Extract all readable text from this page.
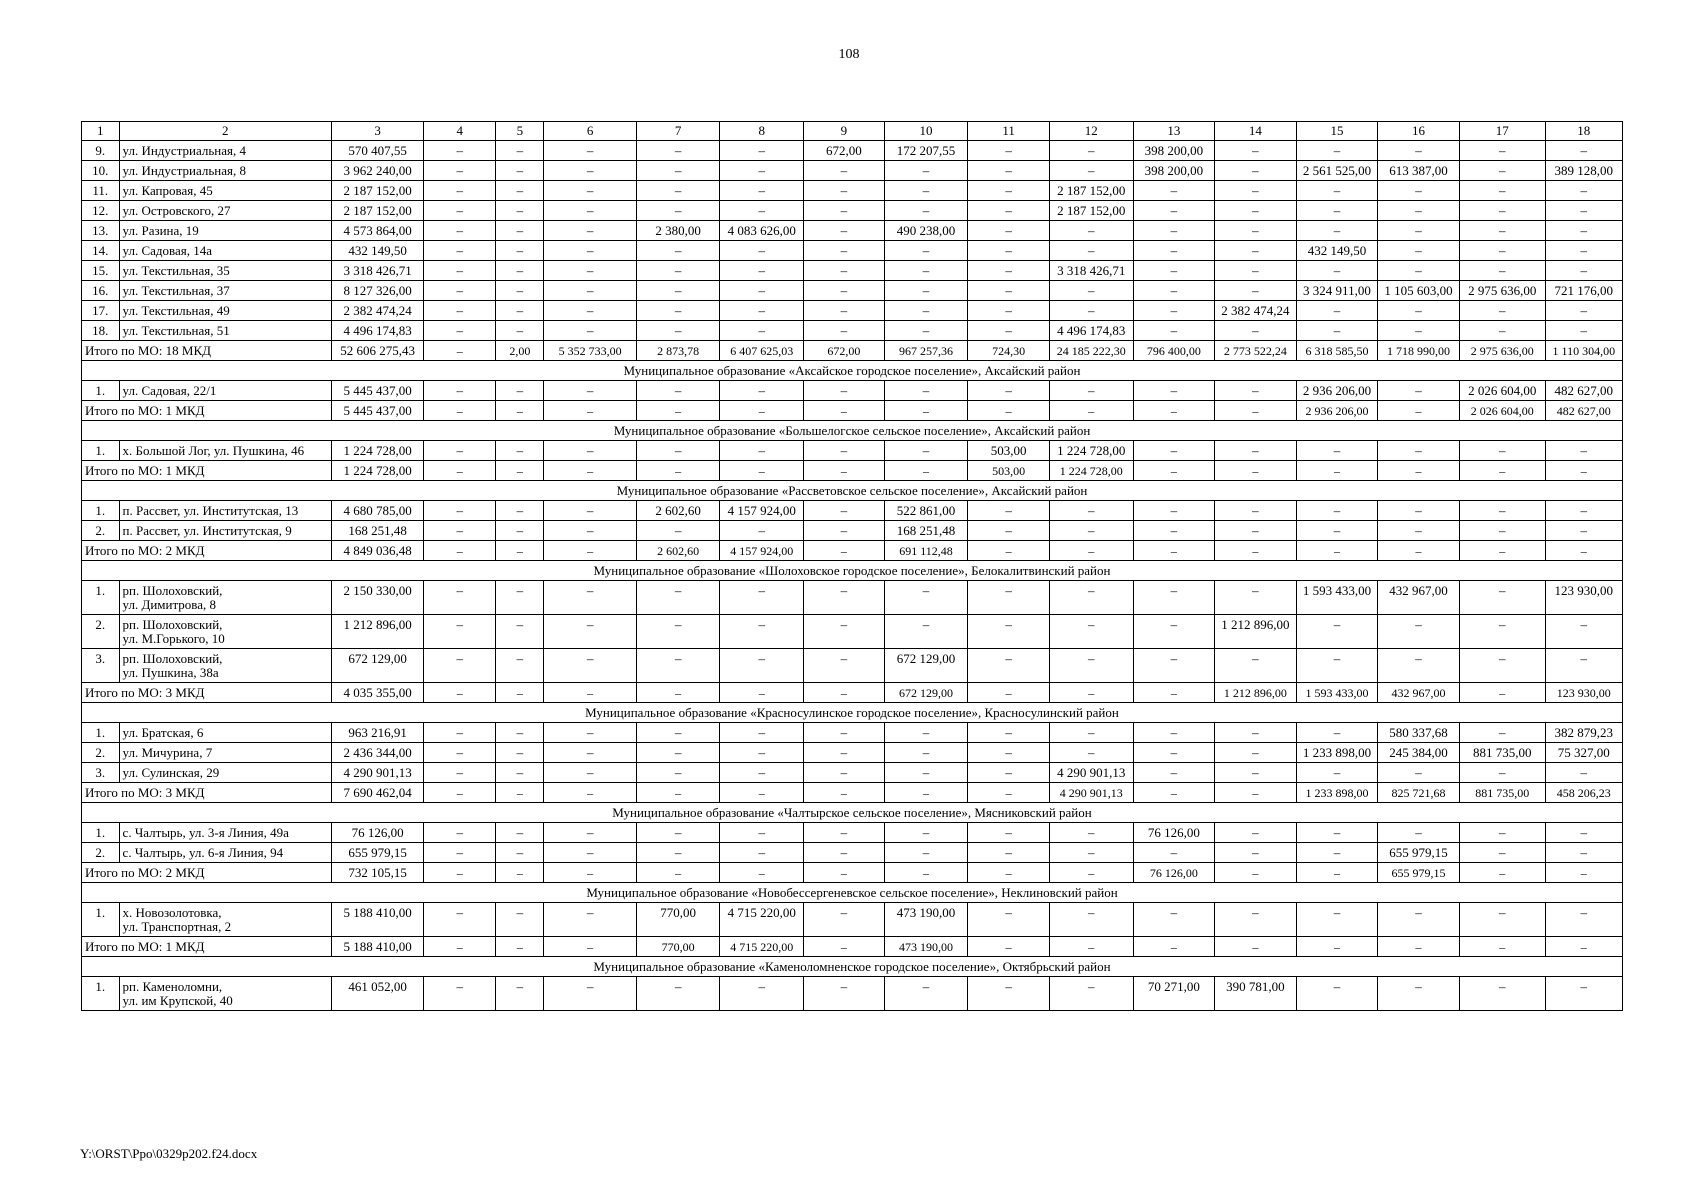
108
1	2	3	4	5	6	7	8	9	10	11	12	13	14	15	16	17	18
9.	ул. Индустриальная, 4	570 407,55	–	–	–	–	–	672,00	172 207,55	–	–	398 200,00	–	–	–	–	–
10.	ул. Индустриальная, 8	3 962 240,00	–	–	–	–	–	–	–	–	–	398 200,00	–	2 561 525,00	613 387,00	–	389 128,00
11.	ул. Капровая, 45	2 187 152,00	–	–	–	–	–	–	–	–	2 187 152,00	–	–	–	–	–	–
12.	ул. Островского, 27	2 187 152,00	–	–	–	–	–	–	–	–	2 187 152,00	–	–	–	–	–	–
13.	ул. Разина, 19	4 573 864,00	–	–	–	2 380,00	4 083 626,00	–	490 238,00	–	–	–	–	–	–	–	–
14.	ул. Садовая, 14а	432 149,50	–	–	–	–	–	–	–	–	–	–	–	432 149,50	–	–	–
15.	ул. Текстильная, 35	3 318 426,71	–	–	–	–	–	–	–	–	3 318 426,71	–	–	–	–	–	–
16.	ул. Текстильная, 37	8 127 326,00	–	–	–	–	–	–	–	–	–	–	–	3 324 911,00	1 105 603,00	2 975 636,00	721 176,00
17.	ул. Текстильная, 49	2 382 474,24	–	–	–	–	–	–	–	–	–	–	2 382 474,24	–	–	–	–
18.	ул. Текстильная, 51	4 496 174,83	–	–	–	–	–	–	–	–	4 496 174,83	–	–	–	–	–	–
Итого по МО: 18 МКД		52 606 275,43	–	2,00	5 352 733,00	2 873,78	6 407 625,03	672,00	967 257,36	724,30	24 185 222,30	796 400,00	2 773 522,24	6 318 585,50	1 718 990,00	2 975 636,00	1 110 304,00
Муниципальное образование «Аксайское городское поселение», Аксайский район																	
1.	ул. Садовая, 22/1	5 445 437,00	–	–	–	–	–	–	–	–	–	–	–	2 936 206,00	–	2 026 604,00	482 627,00
Итого по МО: 1 МКД		5 445 437,00	–	–	–	–	–	–	–	–	–	–	–	2 936 206,00	–	2 026 604,00	482 627,00
Муниципальное образование «Большелогское сельское поселение», Аксайский район																	
1.	х. Большой Лог, ул. Пушкина, 46	1 224 728,00	–	–	–	–	–	–	–	503,00	1 224 728,00	–	–	–	–	–	–
Итого по МО: 1 МКД		1 224 728,00	–	–	–	–	–	–	–	503,00	1 224 728,00	–	–	–	–	–	–
Муниципальное образование «Рассветовское сельское поселение», Аксайский район																	
1.	п. Рассвет, ул. Институтская, 13	4 680 785,00	–	–	–	2 602,60	4 157 924,00	–	522 861,00	–	–	–	–	–	–	–	–
2.	п. Рассвет, ул. Институтская, 9	168 251,48	–	–	–	–	–	–	168 251,48	–	–	–	–	–	–	–	–
Итого по МО: 2 МКД		4 849 036,48	–	–	–	2 602,60	4 157 924,00	–	691 112,48	–	–	–	–	–	–	–	–
Муниципальное образование «Шолоховское городское поселение», Белокалитвинский район																	
1.	рп. Шолоховский,
ул. Димитрова, 8	2 150 330,00	–	–	–	–	–	–	–	–	–	–	–	1 593 433,00	432 967,00	–	123 930,00
2.	рп. Шолоховский,
ул. М.Горького, 10	1 212 896,00	–	–	–	–	–	–	–	–	–	–	1 212 896,00	–	–	–	–
3.	рп. Шолоховский,
ул. Пушкина, 38а	672 129,00	–	–	–	–	–	–	672 129,00	–	–	–	–	–	–	–	–
Итого по МО: 3 МКД		4 035 355,00	–	–	–	–	–	–	672 129,00	–	–	–	1 212 896,00	1 593 433,00	432 967,00	–	123 930,00
Муниципальное образование «Красносулинское городское поселение», Красносулинский район																	
1.	ул. Братская, 6	963 216,91	–	–	–	–	–	–	–	–	–	–	–	–	580 337,68	–	382 879,23
2.	ул. Мичурина, 7	2 436 344,00	–	–	–	–	–	–	–	–	–	–	–	1 233 898,00	245 384,00	881 735,00	75 327,00
3.	ул. Сулинская, 29	4 290 901,13	–	–	–	–	–	–	–	–	4 290 901,13	–	–	–	–	–	–
Итого по МО: 3 МКД		7 690 462,04	–	–	–	–	–	–	–	–	4 290 901,13	–	–	1 233 898,00	825 721,68	881 735,00	458 206,23
Муниципальное образование «Чалтырское сельское поселение», Мясниковский район																	
1.	с. Чалтырь, ул. 3-я Линия, 49а	76 126,00	–	–	–	–	–	–	–	–	–	76 126,00	–	–	–	–	–
2.	с. Чалтырь, ул. 6-я Линия, 94	655 979,15	–	–	–	–	–	–	–	–	–	–	–	–	655 979,15	–	–
Итого по МО: 2 МКД		732 105,15	–	–	–	–	–	–	–	–	–	76 126,00	–	–	655 979,15	–	–
Муниципальное образование «Новобессергеневское сельское поселение», Неклиновский район																	
1.	х. Новозолотовка,
ул. Транспортная, 2	5 188 410,00	–	–	–	770,00	4 715 220,00	–	473 190,00	–	–	–	–	–	–	–	–
Итого по МО: 1 МКД		5 188 410,00	–	–	–	770,00	4 715 220,00	–	473 190,00	–	–	–	–	–	–	–	–
Муниципальное образование «Каменоломненское городское поселение», Октябрьский район																	
1.	рп. Каменоломни,
ул. им Крупской, 40	461 052,00	–	–	–	–	–	–	–	–	–	70 271,00	390 781,00	–	–	–	–
Y:\ORST\Ppo\0329p202.f24.docx
